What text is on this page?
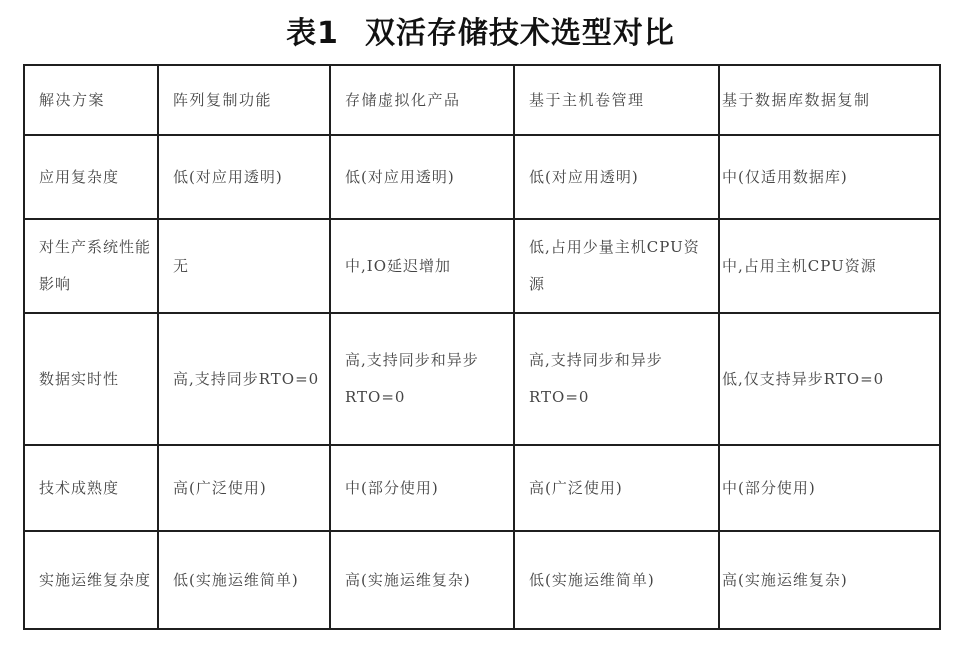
表1 双活存储技术选型对比
解决方案	阵列复制功能	存储虚拟化产品	基于主机卷管理	基于数据库数据复制
应用复杂度	低(对应用透明)	低(对应用透明)	低(对应用透明)	中(仅适用数据库)
对生产系统性能影响	无	中,IO延迟增加	低,占用少量主机CPU资源	中,占用主机CPU资源
数据实时性	高,支持同步RTO=0	高,支持同步和异步RTO=0	高,支持同步和异步RTO=0	低,仅支持异步RTO=0
技术成熟度	高(广泛使用)	中(部分使用)	高(广泛使用)	中(部分使用)
实施运维复杂度	低(实施运维简单)	高(实施运维复杂)	低(实施运维简单)	高(实施运维复杂)
